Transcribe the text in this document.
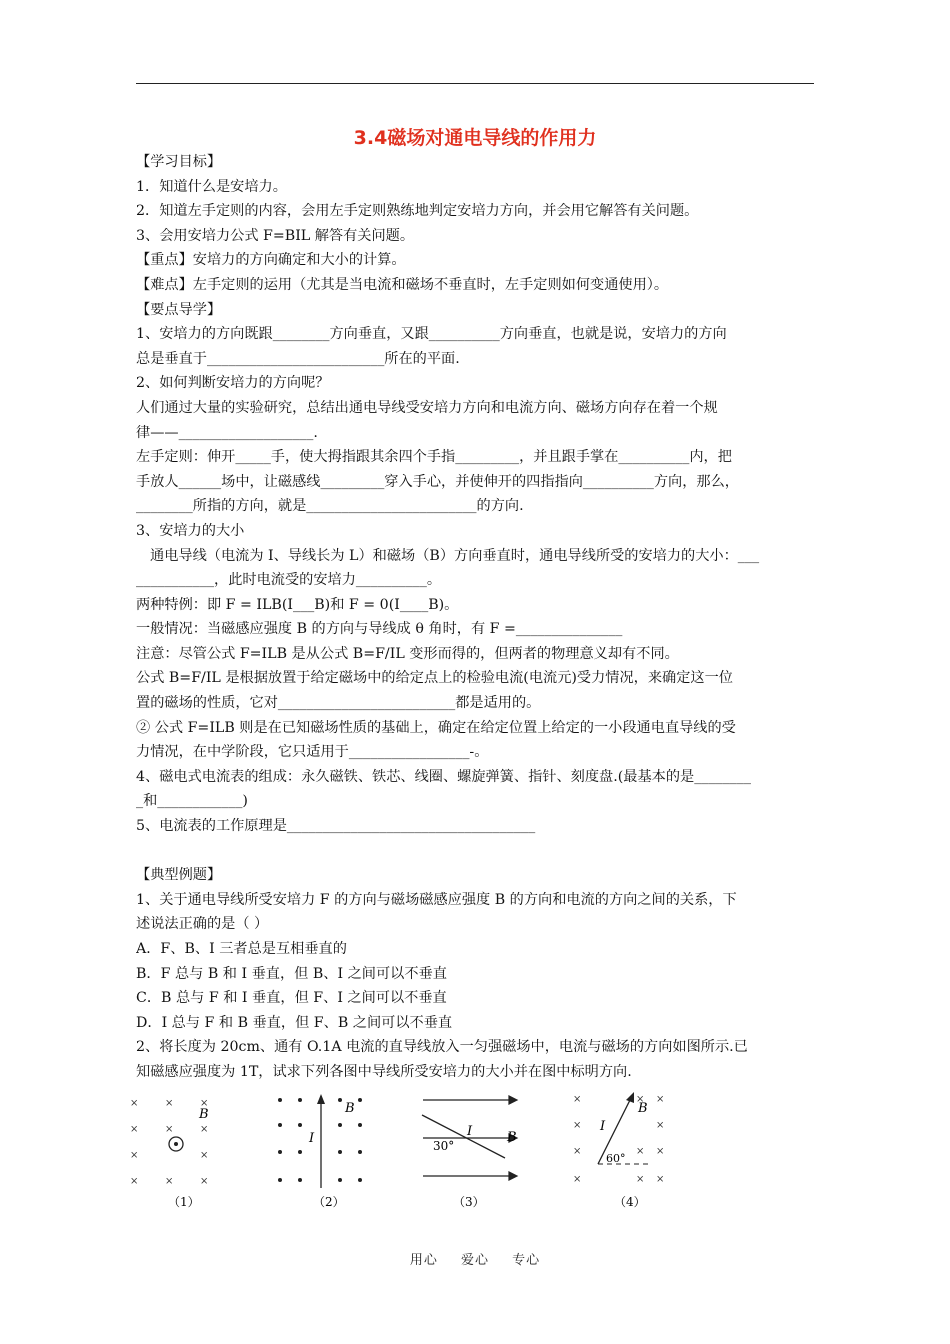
3.4磁场对通电导线的作用力
【学习目标】
1．知道什么是安培力。
2．知道左手定则的内容，会用左手定则熟练地判定安培力方向，并会用它解答有关问题。
3、会用安培力公式 F=BIL 解答有关问题。
【重点】安培力的方向确定和大小的计算。
【难点】左手定则的运用（尤其是当电流和磁场不垂直时，左手定则如何变通使用）。
【要点导学】
1、安培力的方向既跟________方向垂直，又跟__________方向垂直，也就是说，安培力的方向
总是垂直于_________________________所在的平面.
2、如何判断安培力的方向呢？
人们通过大量的实验研究，总结出通电导线受安培力方向和电流方向、磁场方向存在着一个规
律——___________________.
左手定则：伸开_____手，使大拇指跟其余四个手指_________，并且跟手掌在__________内，把
手放人______场中，让磁感线_________穿入手心，并使伸开的四指指向__________方向，那么，
________所指的方向，就是________________________的方向.
3、安培力的大小
通电导线（电流为 I、导线长为 L）和磁场（B）方向垂直时，通电导线所受的安培力的大小：___
___________，此时电流受的安培力__________。
两种特例：即 F = ILB(I___B)和 F = 0(I____B)。
一般情况：当磁感应强度 B 的方向与导线成 θ 角时，有 F =_______________
注意：尽管公式 F=ILB 是从公式 B=F/IL 变形而得的，但两者的物理意义却有不同。
公式 B=F/IL 是根据放置于给定磁场中的给定点上的检验电流(电流元)受力情况，来确定这一位
置的磁场的性质，它对_________________________都是适用的。
② 公式 F=ILB 则是在已知磁场性质的基础上，确定在给定位置上给定的一小段通电直导线的受
力情况，在中学阶段，它只适用于_________________-。
4、磁电式电流表的组成：永久磁铁、铁芯、线圈、螺旋弹簧、指针、刻度盘.(最基本的是________
_和____________)
5、电流表的工作原理是___________________________________
【典型例题】
1、关于通电导线所受安培力 F 的方向与磁场磁感应强度 B 的方向和电流的方向之间的关系，下
述说法正确的是（ ）
A．F、B、I 三者总是互相垂直的
B．F 总与 B 和 I 垂直，但 B、I 之间可以不垂直
C．B 总与 F 和 I 垂直，但 F、I 之间可以不垂直
D．I 总与 F 和 B 垂直，但 F、B 之间可以不垂直
2、将长度为 20cm、通有 O.1A 电流的直导线放入一匀强磁场中，电流与磁场的方向如图所示.已
知磁感应强度为 1T，试求下列各图中导线所受安培力的大小并在图中标明方向.
×	×	×
×	×	×
×	×
×	×	×
B
（1）
I
B
（2）
I	B
30°
（3）
×	× ×
×	×
×	× ×
×	× ×
I
B
60°
（4）
用心 爱心 专心
